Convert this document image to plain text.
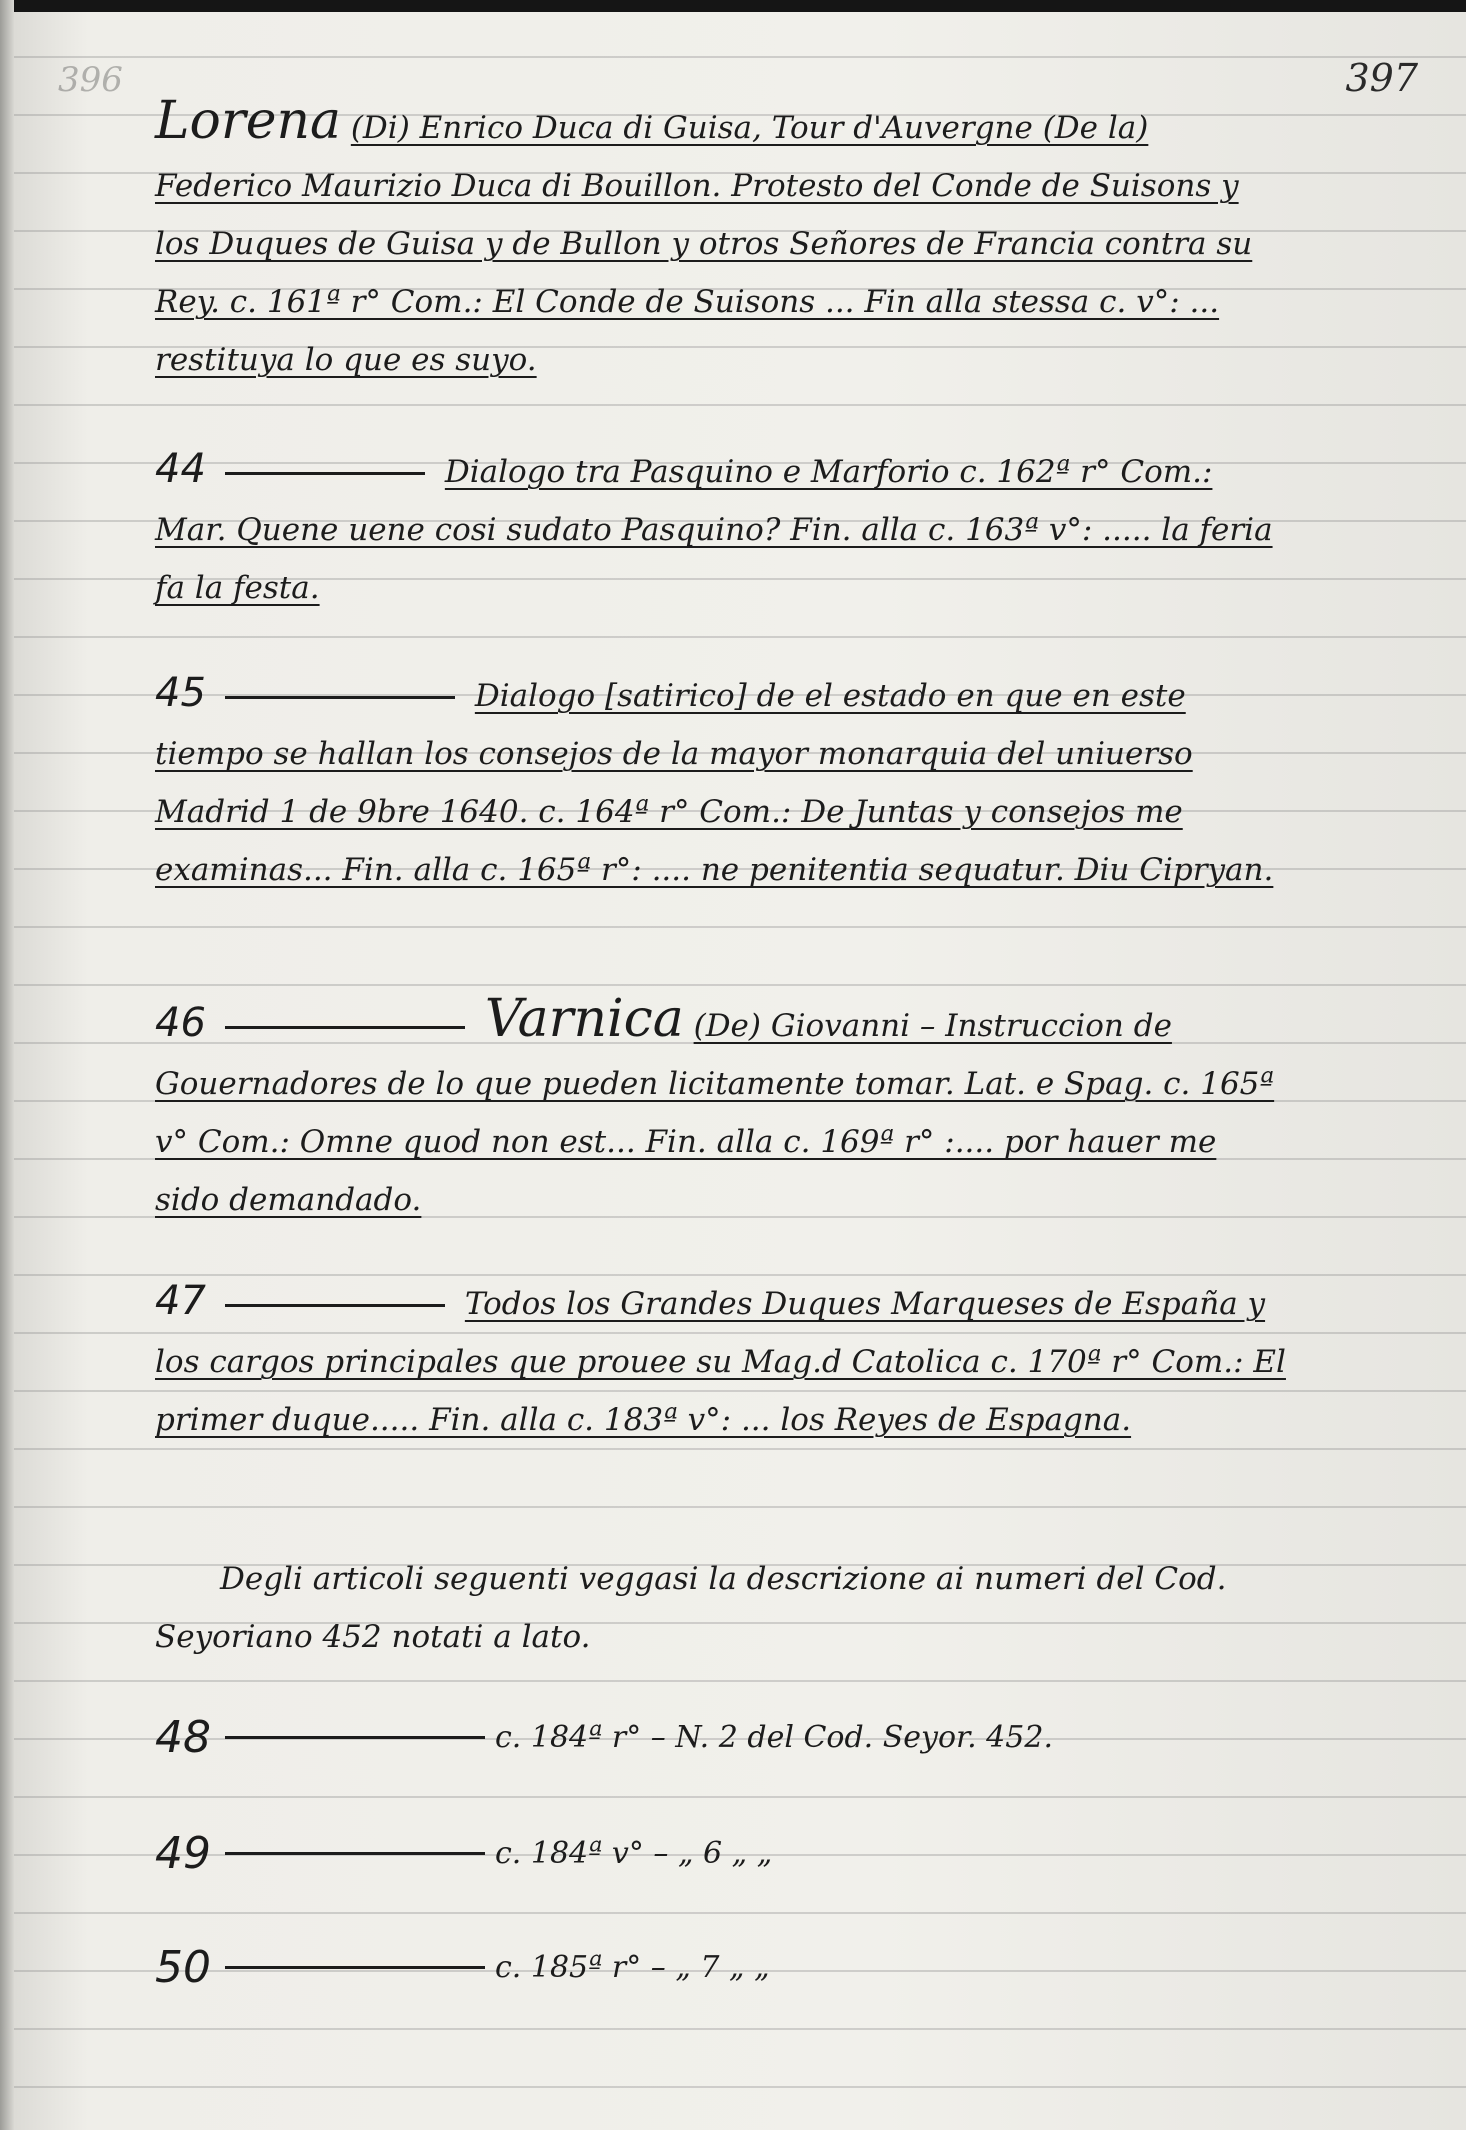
396	397
Lorena (Di) Enrico Duca di Guisa, Tour d'Auvergne (De la) Federico Maurizio Duca di Bouillon. Protesto del Conde de Suisons y los Duques de Guisa y de Bullon y otros Señores de Francia contra su Rey. c. 161ª r° Com.: El Conde de Suisons ... Fin alla stessa c. v°: ... restituya lo que es suyo.
44	Dialogo tra Pasquino e Marforio c. 162ª r° Com.: Mar. Quene uene cosi sudato Pasquino? Fin. alla c. 163ª v°: ..... la feria fa la festa.
45	Dialogo [satirico] de el estado en que en este tiempo se hallan los consejos de la mayor monarquia del uniuerso Madrid 1 de 9bre 1640. c. 164ª r° Com.: De Juntas y consejos me examinas... Fin. alla c. 165ª r°: .... ne penitentia sequatur. Diu Cipryan.
46	Varnica (De) Giovanni – Instruccion de Gouernadores de lo que pueden licitamente tomar. Lat. e Spag. c. 165ª v° Com.: Omne quod non est... Fin. alla c. 169ª r° :.... por hauer me sido demandado.
47	Todos los Grandes Duques Marqueses de España y los cargos principales que prouee su Mag.d Catolica c. 170ª r° Com.: El primer duque..... Fin. alla c. 183ª v°: ... los Reyes de Espagna.
Degli articoli seguenti veggasi la descrizione ai numeri del Cod. Seyoriano 452 notati a lato.
48	c. 184ª r° – N. 2 del Cod. Seyor. 452.
49	c. 184ª v° – „ 6 „ „
50	c. 185ª r° – „ 7 „ „
